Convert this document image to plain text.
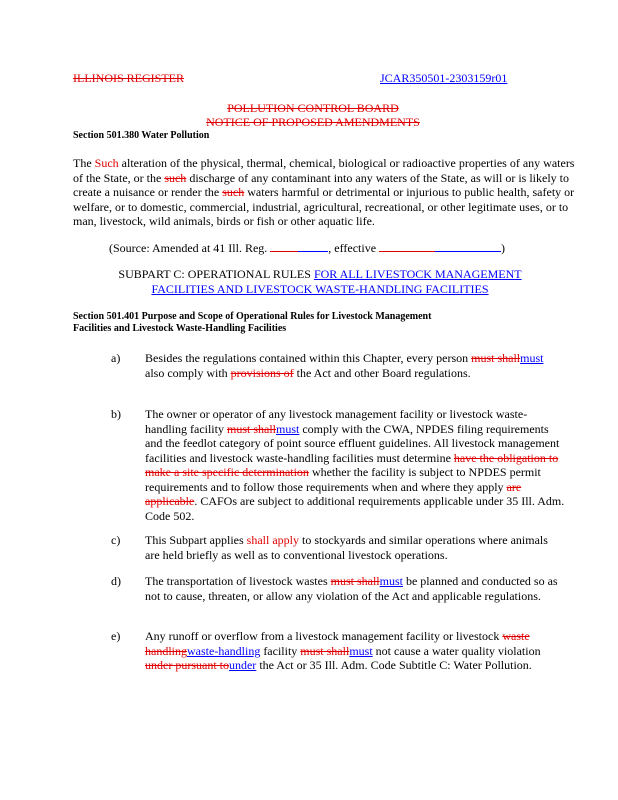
ILLINOIS REGISTER	JCAR350501-2303159r01
POLLUTION CONTROL BOARD
NOTICE OF PROPOSED AMENDMENTS
Section 501.380 Water Pollution
The Such alteration of the physical, thermal, chemical, biological or radioactive properties of any waters of the State, or the such discharge of any contaminant into any waters of the State, as will or is likely to create a nuisance or render the such waters harmful or detrimental or injurious to public health, safety or welfare, or to domestic, commercial, industrial, agricultural, recreational, or other legitimate uses, or to man, livestock, wild animals, birds or fish or other aquatic life.
(Source: Amended at 41 Ill. Reg.	, effective	)
SUBPART C: OPERATIONAL RULES FOR ALL LIVESTOCK MANAGEMENT FACILITIES AND LIVESTOCK WASTE-HANDLING FACILITIES
Section 501.401 Purpose and Scope of Operational Rules for Livestock Management
Facilities and Livestock Waste-Handling Facilities
a) Besides the regulations contained within this Chapter, every person must shallmust also comply with provisions of the Act and other Board regulations.
b) The owner or operator of any livestock management facility or livestock waste-handling facility must shallmust comply with the CWA, NPDES filing requirements and the feedlot category of point source effluent guidelines. All livestock management facilities and livestock waste-handling facilities must determine have the obligation to make a site specific determination whether the facility is subject to NPDES permit requirements and to follow those requirements when and where they apply are applicable. CAFOs are subject to additional requirements applicable under 35 Ill. Adm. Code 502.
c) This Subpart applies shall apply to stockyards and similar operations where animals are held briefly as well as to conventional livestock operations.
d) The transportation of livestock wastes must shallmust be planned and conducted so as not to cause, threaten, or allow any violation of the Act and applicable regulations.
e) Any runoff or overflow from a livestock management facility or livestock waste handlingwaste-handling facility must shallmust not cause a water quality violation under pursuant tounder the Act or 35 Ill. Adm. Code Subtitle C: Water Pollution.
